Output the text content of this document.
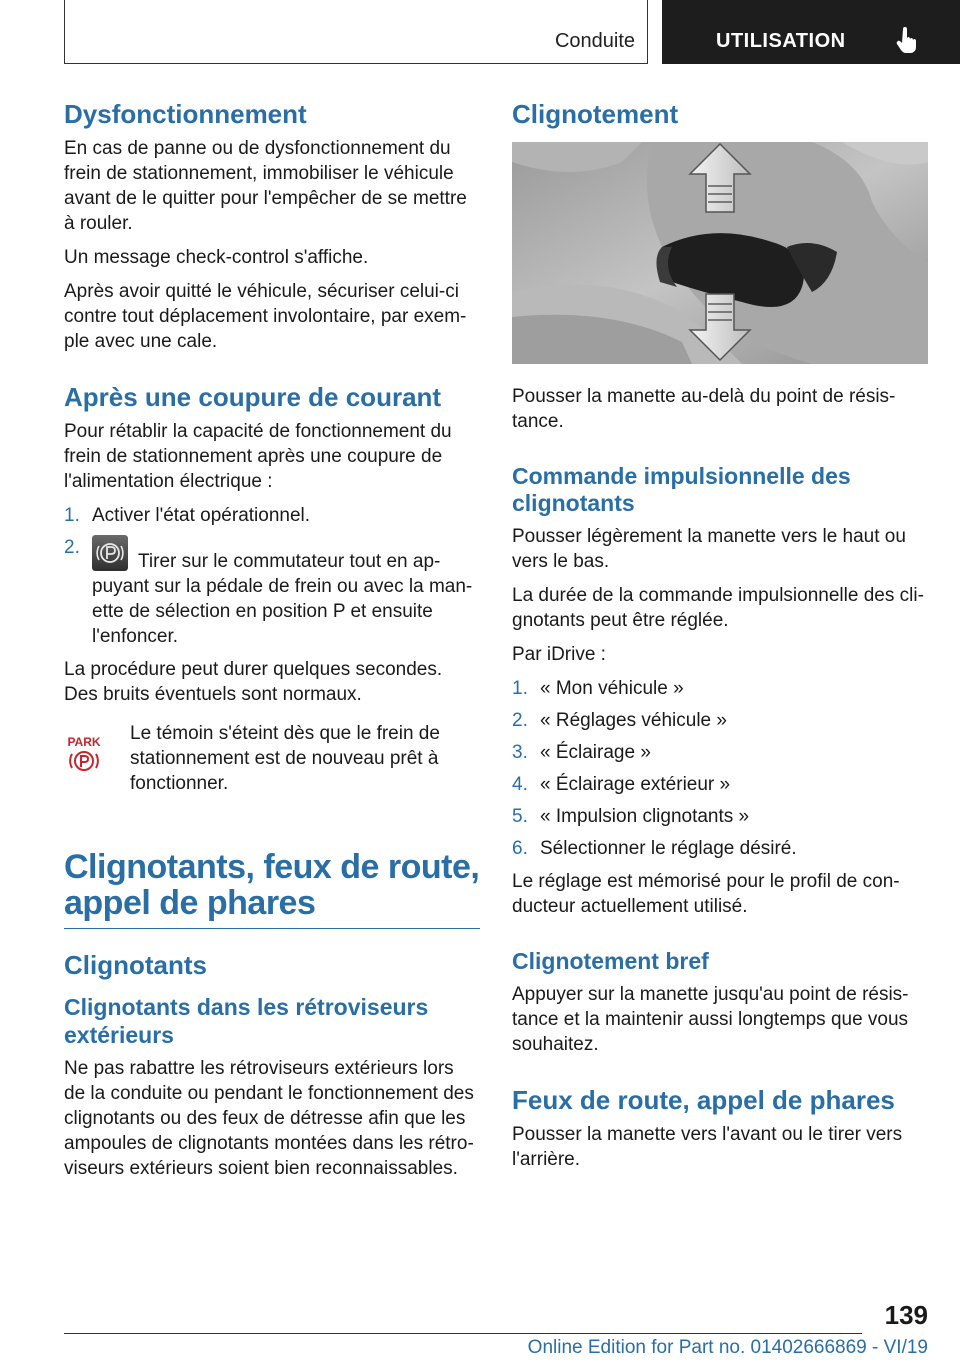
Conduite	UTILISATION
Dysfonctionnement

En cas de panne ou de dysfonctionnement du frein de stationnement, immobiliser le véhicule avant de le quitter pour l'empêcher de se mettre à rouler.

Un message check-control s'affiche.

Après avoir quitté le véhicule, sécuriser celui-ci contre tout déplacement involontaire, par exem‐ple avec une cale.

Après une coupure de courant

Pour rétablir la capacité de fonctionnement du frein de stationnement après une coupure de l'alimentation électrique :

1. Activer l'état opérationnel.
2.
Tirer sur le commutateur tout en ap‐puyant sur la pédale de frein ou avec la man‐ette de sélection en position P et ensuite l'enfoncer.

La procédure peut durer quelques secondes. Des bruits éventuels sont normaux.

PARK Le témoin s'éteint dès que le frein de stationnement est de nouveau prêt à fonctionner.

Clignotants, feux de route, appel de phares
Clignotants
Clignotants dans les rétroviseurs extérieurs

Ne pas rabattre les rétroviseurs extérieurs lors de la conduite ou pendant le fonctionnement des clignotants ou des feux de détresse afin que les ampoules de clignotants montées dans les rétro‐viseurs extérieurs soient bien reconnaissables.

Clignotement

Pousser la manette au-delà du point de résis‐tance.

Commande impulsionnelle des clignotants

Pousser légèrement la manette vers le haut ou vers le bas.

La durée de la commande impulsionnelle des cli‐gnotants peut être réglée.

Par iDrive :

1. « Mon véhicule »
2. « Réglages véhicule »
3. « Éclairage »
4. « Éclairage extérieur »
5. « Impulsion clignotants »
6. Sélectionner le réglage désiré.

Le réglage est mémorisé pour le profil de con‐ducteur actuellement utilisé.

Clignotement bref

Appuyer sur la manette jusqu'au point de résis‐tance et la maintenir aussi longtemps que vous souhaitez.

Feux de route, appel de phares

Pousser la manette vers l'avant ou le tirer vers l'arrière.

139
Online Edition for Part no. 01402666869 - VI/19
